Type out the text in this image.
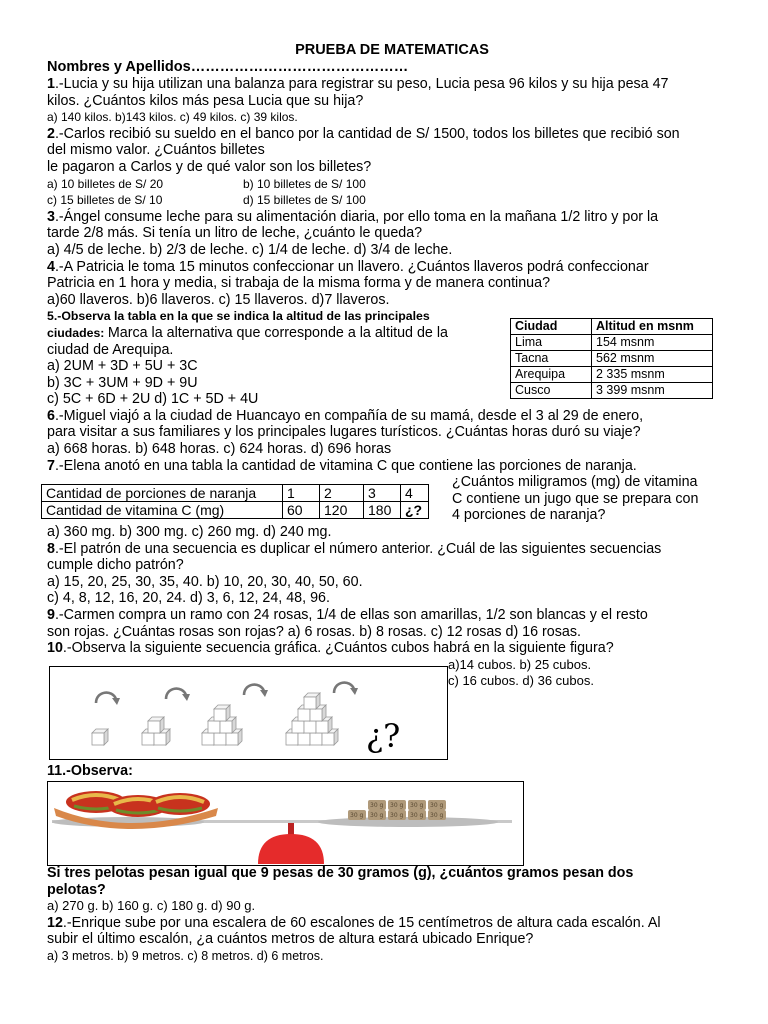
PRUEBA DE MATEMATICAS
Nombres y Apellidos………………………………………
1.-Lucia y su hija utilizan una balanza para registrar su peso, Lucia pesa 96 kilos y su hija pesa 47
kilos. ¿Cuántos kilos más pesa Lucia que su hija?
a) 140 kilos. b)143 kilos. c) 49 kilos. c) 39 kilos.
2.-Carlos recibió su sueldo en el banco por la cantidad de S/ 1500, todos los billetes que recibió son
del mismo valor. ¿Cuántos billetes
le pagaron a Carlos y de qué valor son los billetes?
a) 10 billetes de S/ 20	b) 10 billetes de S/ 100
c) 15 billetes de S/ 10	d) 15 billetes de S/ 100
3.-Ángel consume leche para su alimentación diaria, por ello toma en la mañana 1/2 litro y por la
tarde 2/8 más. Si tenía un litro de leche, ¿cuánto le queda?
a) 4/5 de leche. b) 2/3 de leche. c) 1/4 de leche. d) 3/4 de leche.
4.-A Patricia le toma 15 minutos confeccionar un llavero. ¿Cuántos llaveros podrá confeccionar
Patricia en 1 hora y media, si trabaja de la misma forma y de manera continua?
a)60 llaveros. b)6 llaveros. c) 15 llaveros. d)7 llaveros.
5.-Observa la tabla en la que se indica la altitud de las principales
ciudades: Marca la alternativa que corresponde a la altitud de la
ciudad de Arequipa.
a) 2UM + 3D + 5U + 3C
b) 3C + 3UM + 9D + 9U
c) 5C + 6D + 2U d) 1C + 5D + 4U
6.-Miguel viajó a la ciudad de Huancayo en compañía de su mamá, desde el 3 al 29 de enero,
para visitar a sus familiares y los principales lugares turísticos. ¿Cuántas horas duró su viaje?
a) 668 horas. b) 648 horas. c) 624 horas. d) 696 horas
7.-Elena anotó en una tabla la cantidad de vitamina C que contiene las porciones de naranja.
¿Cuántos miligramos (mg) de vitamina
C contiene un jugo que se prepara con
4 porciones de naranja?
a) 360 mg. b) 300 mg. c) 260 mg. d) 240 mg.
8.-El patrón de una secuencia es duplicar el número anterior. ¿Cuál de las siguientes secuencias
cumple dicho patrón?
a) 15, 20, 25, 30, 35, 40. b) 10, 20, 30, 40, 50, 60.
c) 4, 8, 12, 16, 20, 24. d) 3, 6, 12, 24, 48, 96.
9.-Carmen compra un ramo con 24 rosas, 1/4 de ellas son amarillas, 1/2 son blancas y el resto
son rojas. ¿Cuántas rosas son rojas? a) 6 rosas. b) 8 rosas. c) 12 rosas d) 16 rosas.
10.-Observa la siguiente secuencia gráfica. ¿Cuántos cubos habrá en la siguiente figura?
a)14 cubos. b) 25 cubos.
c) 16 cubos. d) 36 cubos.
Ciudad	Altitud en msnm
Lima	154 msnm
Tacna	562 msnm
Arequipa	2 335 msnm
Cusco	3 399 msnm
Cantidad de porciones de naranja	1	2	3	4
Cantidad de vitamina C (mg)	60	120	180	¿?
¿?
11.-Observa:
30 g 30 g 30 g 30 g
30 g 30 g 30 g 30 g 30 g
Si tres pelotas pesan igual que 9 pesas de 30 gramos (g), ¿cuántos gramos pesan dos
pelotas?
a) 270 g. b) 160 g. c) 180 g. d) 90 g.
12.-Enrique sube por una escalera de 60 escalones de 15 centímetros de altura cada escalón. Al
subir el último escalón, ¿a cuántos metros de altura estará ubicado Enrique?
a) 3 metros. b) 9 metros. c) 8 metros. d) 6 metros.
